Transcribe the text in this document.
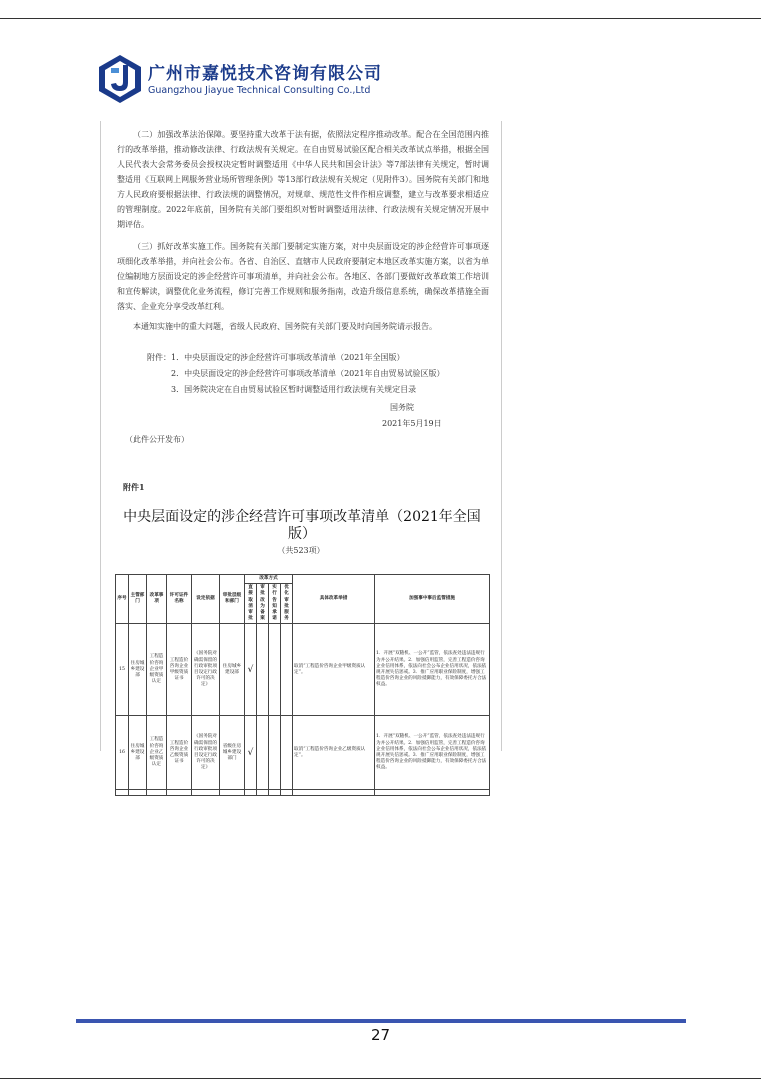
广州市嘉悦技术咨询有限公司
Guangzhou Jiayue Technical Consulting Co.,Ltd

（二）加强改革法治保障。要坚持重大改革于法有据，依照法定程序推动改革。配合在全国范围内推行的改革举措，推动修改法律、行政法规有关规定。在自由贸易试验区配合相关改革试点举措，根据全国人民代表大会常务委员会授权决定暂时调整适用《中华人民共和国会计法》等7部法律有关规定，暂时调整适用《互联网上网服务营业场所管理条例》等13部行政法规有关规定（见附件3）。国务院有关部门和地方人民政府要根据法律、行政法规的调整情况，对规章、规范性文件作相应调整，建立与改革要求相适应的管理制度。2022年底前，国务院有关部门要组织对暂时调整适用法律、行政法规有关规定情况开展中期评估。

（三）抓好改革实施工作。国务院有关部门要制定实施方案，对中央层面设定的涉企经营许可事项逐项细化改革举措，并向社会公布。各省、自治区、直辖市人民政府要制定本地区改革实施方案，以省为单位编制地方层面设定的涉企经营许可事项清单，并向社会公布。各地区、各部门要做好改革政策工作培训和宣传解读，调整优化业务流程，修订完善工作规则和服务指南，改造升级信息系统，确保改革措施全面落实、企业充分享受改革红利。

本通知实施中的重大问题，省级人民政府、国务院有关部门要及时向国务院请示报告。

附件：1．中央层面设定的涉企经营许可事项改革清单（2021年全国版）
2．中央层面设定的涉企经营许可事项改革清单（2021年自由贸易试验区版）
3．国务院决定在自由贸易试验区暂时调整适用行政法规有关规定目录
国务院
2021年5月19日
（此件公开发布）
附件1
中央层面设定的涉企经营许可事项改革清单（2021年全国版）
（共523项）
序号	主管部门	改革事项	许可证件名称	设定依据	审批层级和部门	改革方式				具体改革举措	加强事中事后监管措施
						直接取消审批	审批改为备案	实行告知承诺	优化审批服务		
15	住房城乡建设部	工程造价咨询企业甲级资质认定	工程造价咨询企业甲级资质证书	《国务院对确需保留的行政审批项目设定行政许可的决定》	住房城乡建设部	√				取消“工程造价咨询企业甲级资质认定”。	1．开展“双随机、一公开”监管，依法查处违法违规行为并公开结果。2．加强信用监管，完善工程造价咨询企业信用体系，依法向社会公布企业信用状况，依法依规开展失信惩戒。3．推广应用职业保险制度，增强工程造价咨询企业的风险抵御能力，有效保障委托方合法权益。
16	住房城乡建设部	工程造价咨询企业乙级资质认定	工程造价咨询企业乙级资质证书	《国务院对确需保留的行政审批项目设定行政许可的决定》	省级住房城乡建设部门	√				取消“工程造价咨询企业乙级资质认定”。	1．开展“双随机、一公开”监管，依法查处违法违规行为并公开结果。2．加强信用监管，完善工程造价咨询企业信用体系，依法向社会公布企业信用状况，依法依规开展失信惩戒。3．推广应用职业保险制度，增强工程造价咨询企业的风险抵御能力，有效保障委托方合法权益。

27
